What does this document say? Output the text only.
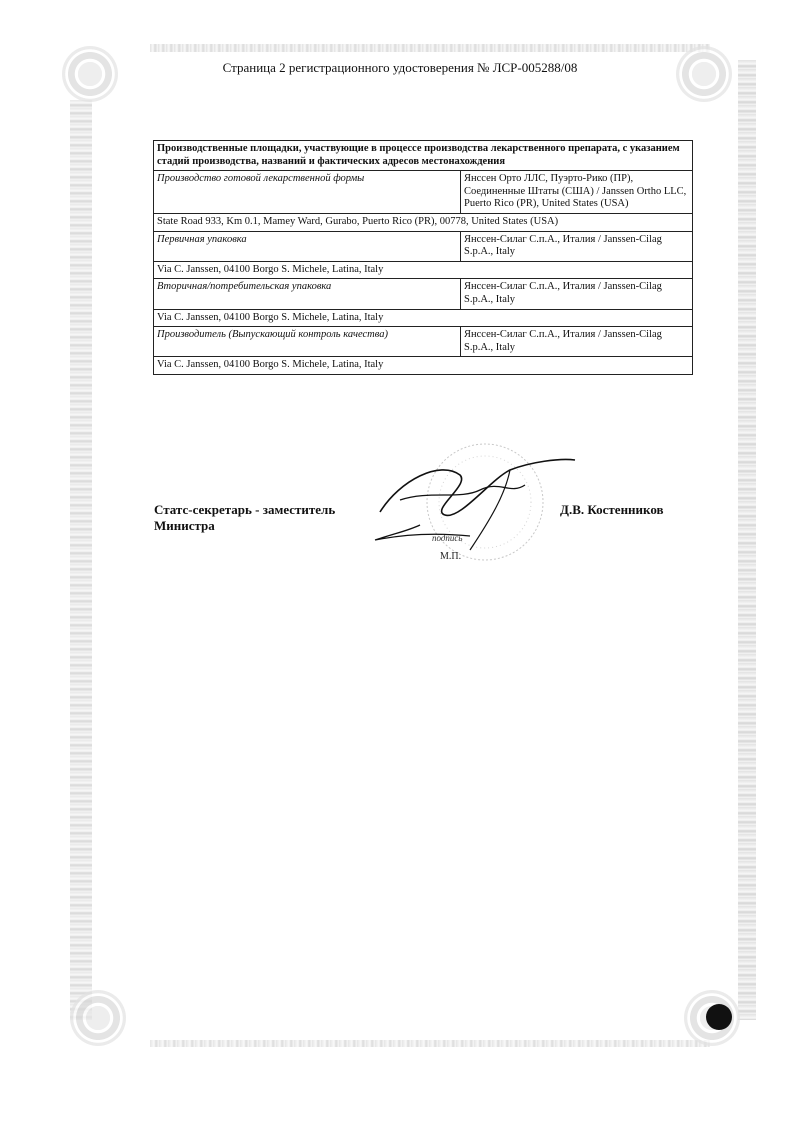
Страница 2 регистрационного удостоверения № ЛСР-005288/08
Производственные площадки, участвующие в процессе производства лекарственного препарата, с указанием стадий производства, названий и фактических адресов местонахождения	
Производство готовой лекарственной формы	Янссен Орто ЛЛС, Пуэрто-Рико (ПР), Соединенные Штаты (США) / Janssen Ortho LLC, Puerto Rico (PR), United States (USA)
State Road 933, Km 0.1, Mamey Ward, Gurabo, Puerto Rico (PR), 00778, United States (USA)	
Первичная упаковка	Янссен-Силаг С.п.А., Италия / Janssen-Cilag S.p.A., Italy
Via C. Janssen, 04100 Borgo S. Michele, Latina, Italy	
Вторичная/потребительская упаковка	Янссен-Силаг С.п.А., Италия / Janssen-Cilag S.p.A., Italy
Via C. Janssen, 04100 Borgo S. Michele, Latina, Italy	
Производитель (Выпускающий контроль качества)	Янссен-Силаг С.п.А., Италия / Janssen-Cilag S.p.A., Italy
Via C. Janssen, 04100 Borgo S. Michele, Latina, Italy	
Статс-секретарь - заместитель
Министра
подпись
М.П.
Д.В. Костенников
